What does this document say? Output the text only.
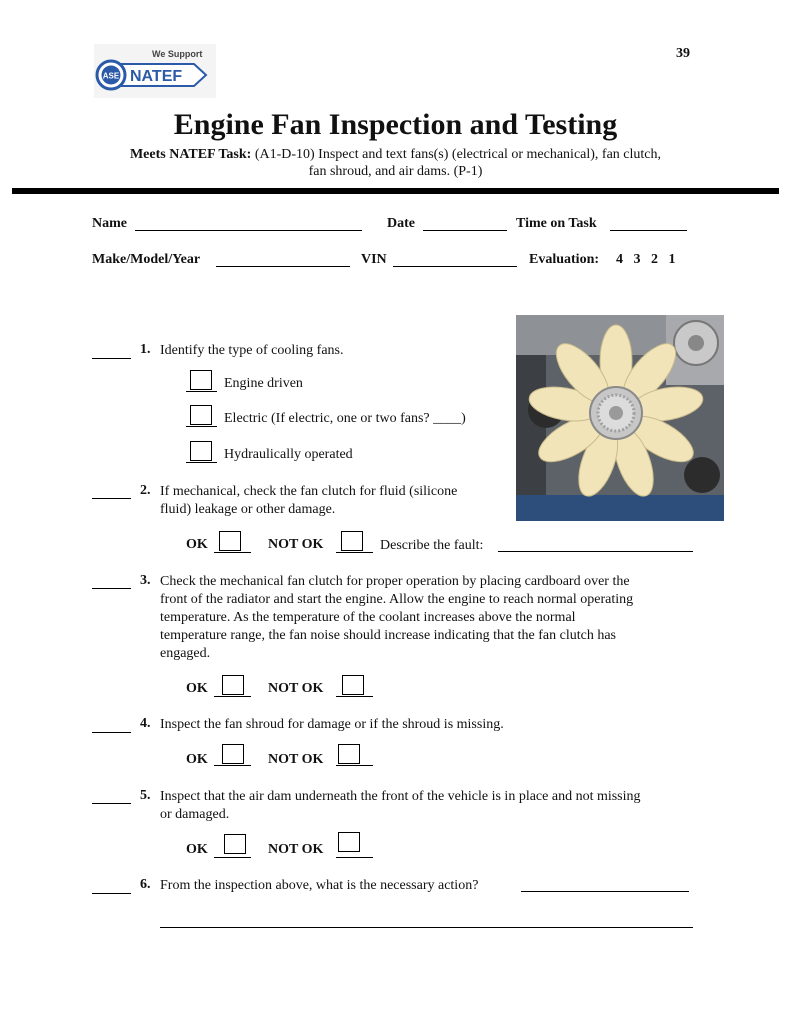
We Support
ASE NATEF
39
Engine Fan Inspection and Testing
Meets NATEF Task: (A1-D-10) Inspect and text fans(s) (electrical or mechanical), fan clutch,
fan shroud, and air dams. (P-1)
Name	Date	Time on Task
Make/Model/Year	VIN	Evaluation: 4   3   2   1
1. Identify the type of cooling fans.
Engine driven
Electric (If electric, one or two fans? ____)
Hydraulically operated
2. If mechanical, check the fan clutch for fluid (silicone
fluid) leakage or other damage.
OK	NOT OK	Describe the fault:
3. Check the mechanical fan clutch for proper operation by placing cardboard over the
front of the radiator and start the engine. Allow the engine to reach normal operating
temperature. As the temperature of the coolant increases above the normal
temperature range, the fan noise should increase indicating that the fan clutch has
engaged.
OK	NOT OK
4. Inspect the fan shroud for damage or if the shroud is missing.
OK	NOT OK
5. Inspect that the air dam underneath the front of the vehicle is in place and not missing
or damaged.
OK	NOT OK
6. From the inspection above, what is the necessary action?
